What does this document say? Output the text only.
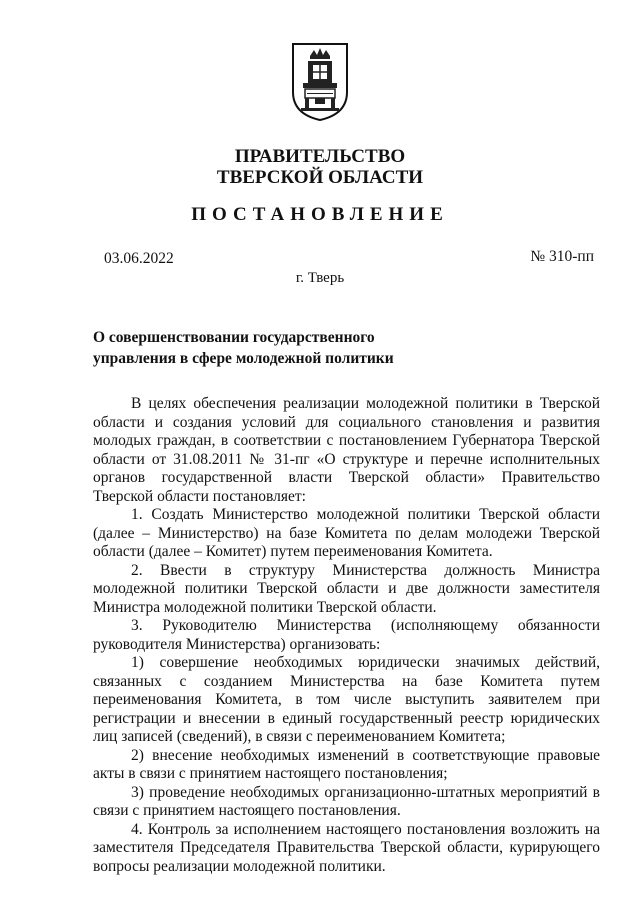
ПРАВИТЕЛЬСТВО
ТВЕРСКОЙ ОБЛАСТИ
ПОСТАНОВЛЕНИЕ
03.06.2022	№ 310-пп
г. Тверь
О совершенствовании государственного управления в сфере молодежной политики

В целях обеспечения реализации молодежной политики в Тверской области и создания условий для социального становления и развития молодых граждан, в соответствии с постановлением Губернатора Тверской области от 31.08.2011 № 31-пг «О структуре и перечне исполнительных органов государственной власти Тверской области» Правительство Тверской области постановляет:

1. Создать Министерство молодежной политики Тверской области (далее – Министерство) на базе Комитета по делам молодежи Тверской области (далее – Комитет) путем переименования Комитета.

2. Ввести в структуру Министерства должность Министра молодежной политики Тверской области и две должности заместителя Министра молодежной политики Тверской области.

3. Руководителю Министерства (исполняющему обязанности руководителя Министерства) организовать:

1) совершение необходимых юридически значимых действий, связанных с созданием Министерства на базе Комитета путем переименования Комитета, в том числе выступить заявителем при регистрации и внесении в единый государственный реестр юридических лиц записей (сведений), в связи с переименованием Комитета;

2) внесение необходимых изменений в соответствующие правовые акты в связи с принятием настоящего постановления;

3) проведение необходимых организационно-штатных мероприятий в связи с принятием настоящего постановления.

4. Контроль за исполнением настоящего постановления возложить на заместителя Председателя Правительства Тверской области, курирующего вопросы реализации молодежной политики.
